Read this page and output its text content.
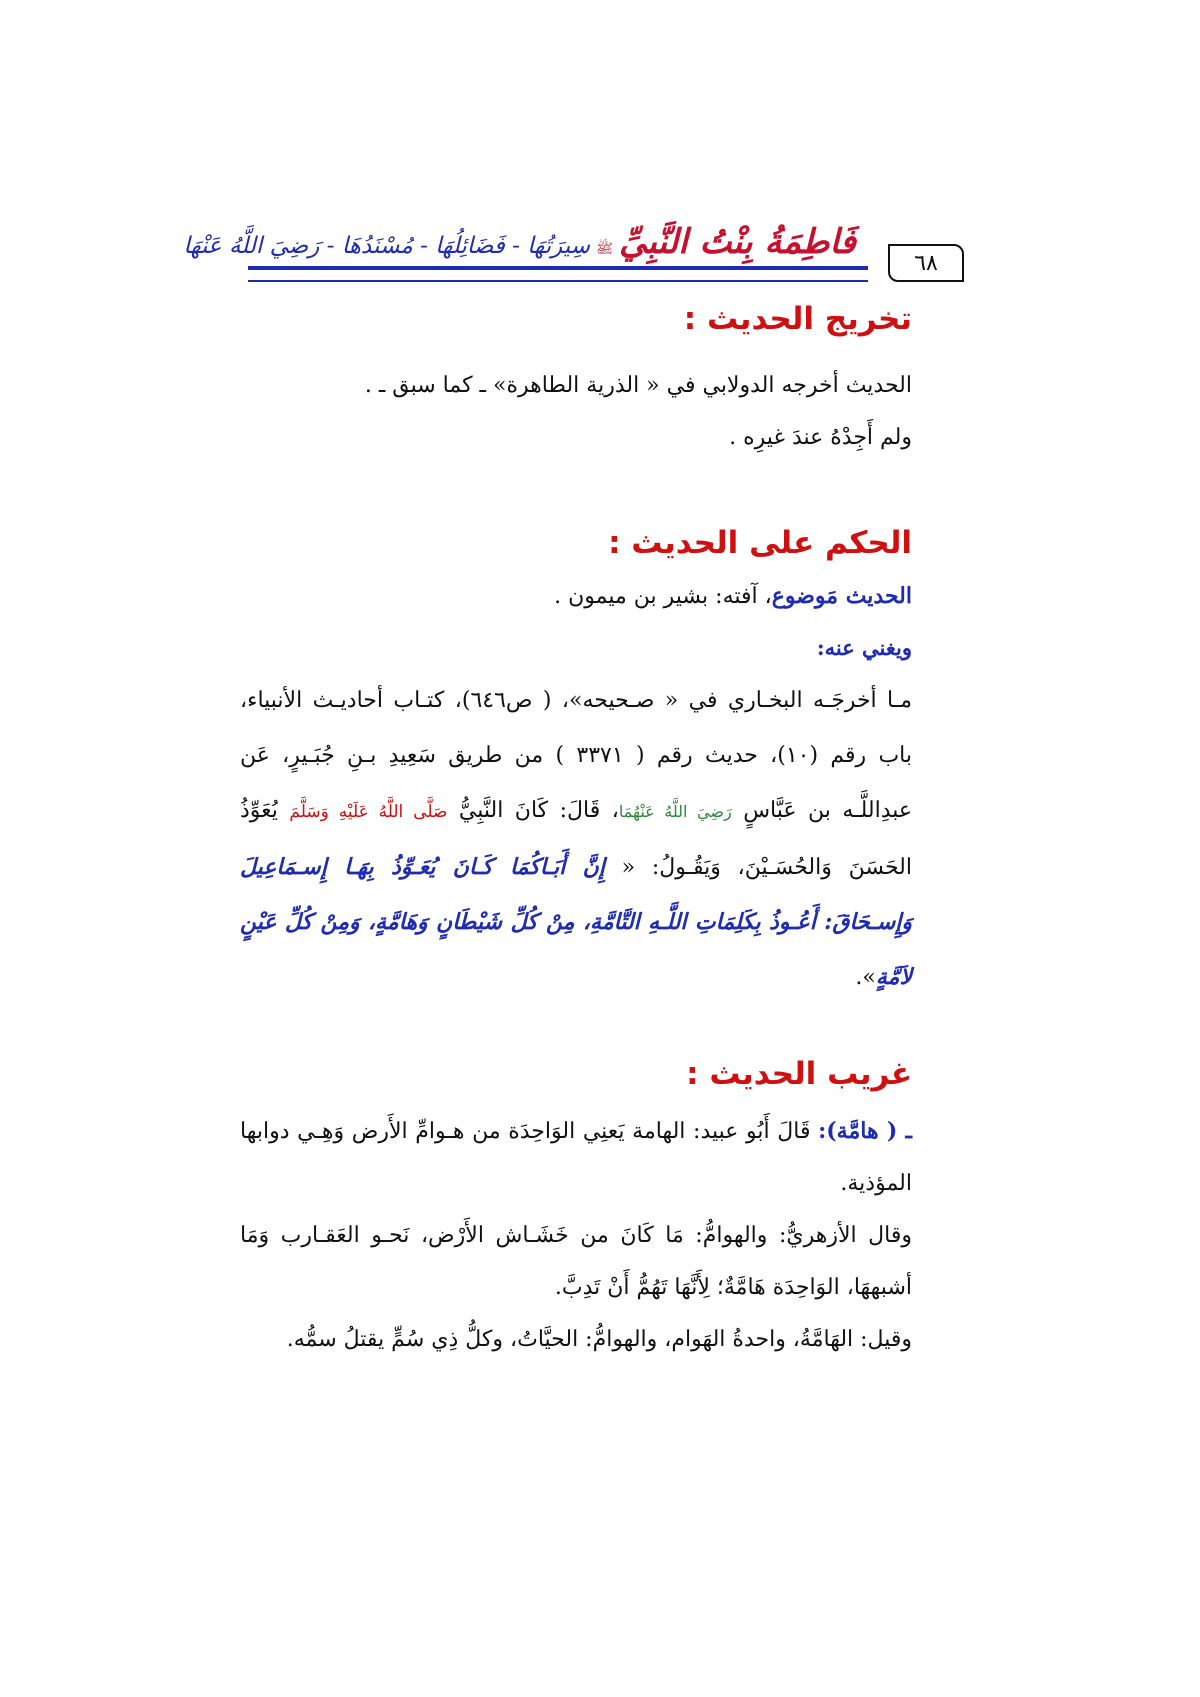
٦٨
فَاطِمَةُ بِنْتُ النَّبِيِّ
ﷺ
سِيرَتُهَا - فَضَائِلُهَا - مُسْنَدُهَا - رَضِيَ اللَّهُ عَنْهَا
تخريج الحديث :

الحديث أخرجه الدولابي في « الذرية الطاهرة» ـ كما سبق ـ .

ولم أَجِدْهُ عندَ غيرِه .

الحكم على الحديث :

الحديث مَوضوع، آفته: بشير بن ميمون .

ويغني عنه:

مـا أخرجَـه البخـاري في « صـحيحه»، ( ص٦٤٦)، كتـاب أحاديـث الأنبياء، باب رقم (١٠)، حديث رقم ( ٣٣٧١ ) من طريق سَعِيدِ بـنِ جُبَـيرٍ، عَن عبدِاللَّـه بن عَبَّاسٍ رَضِيَ اللَّهُ عَنْهُمَا، قَالَ: كَانَ النَّبِيُّ صَلَّى اللَّهُ عَلَيْهِ وَسَلَّمَ يُعَوِّذُ الحَسَنَ وَالحُسَـيْنَ، وَيَقُـولُ: « إِنَّ أَبَـاكُمَا كَـانَ يُعَـوِّذُ بِهَـا إِسـمَاعِيلَ وَإِسـحَاقَ: أَعُـوذُ بِكَلِمَاتِ اللَّـهِ التَّامَّةِ، مِنْ كُلِّ شَيْطَانٍ وَهَامَّةٍ، وَمِنْ كُلِّ عَيْنٍ لاَمَّةٍ».

غريب الحديث :

ـ ( هامَّة): قَالَ أَبُو عبيد: الهامة يَعنِي الوَاحِدَة من هـوامِّ الأَرض وَهِـي دوابها المؤذية.

وقال الأزهريُّ: والهوامُّ: مَا كَانَ من خَشَـاش الأَرْض، نَحـو العَقـارب وَمَا أشبههَا، الوَاحِدَة هَامَّةٌ؛ لِأَنَّهَا تَهُمُّ أَنْ تَدِبَّ.

وقيل: الهَامَّةُ، واحدةُ الهَوام، والهوامُّ: الحيَّاتُ، وكلُّ ذِي سُمٍّ يقتلُ سمُّه.
